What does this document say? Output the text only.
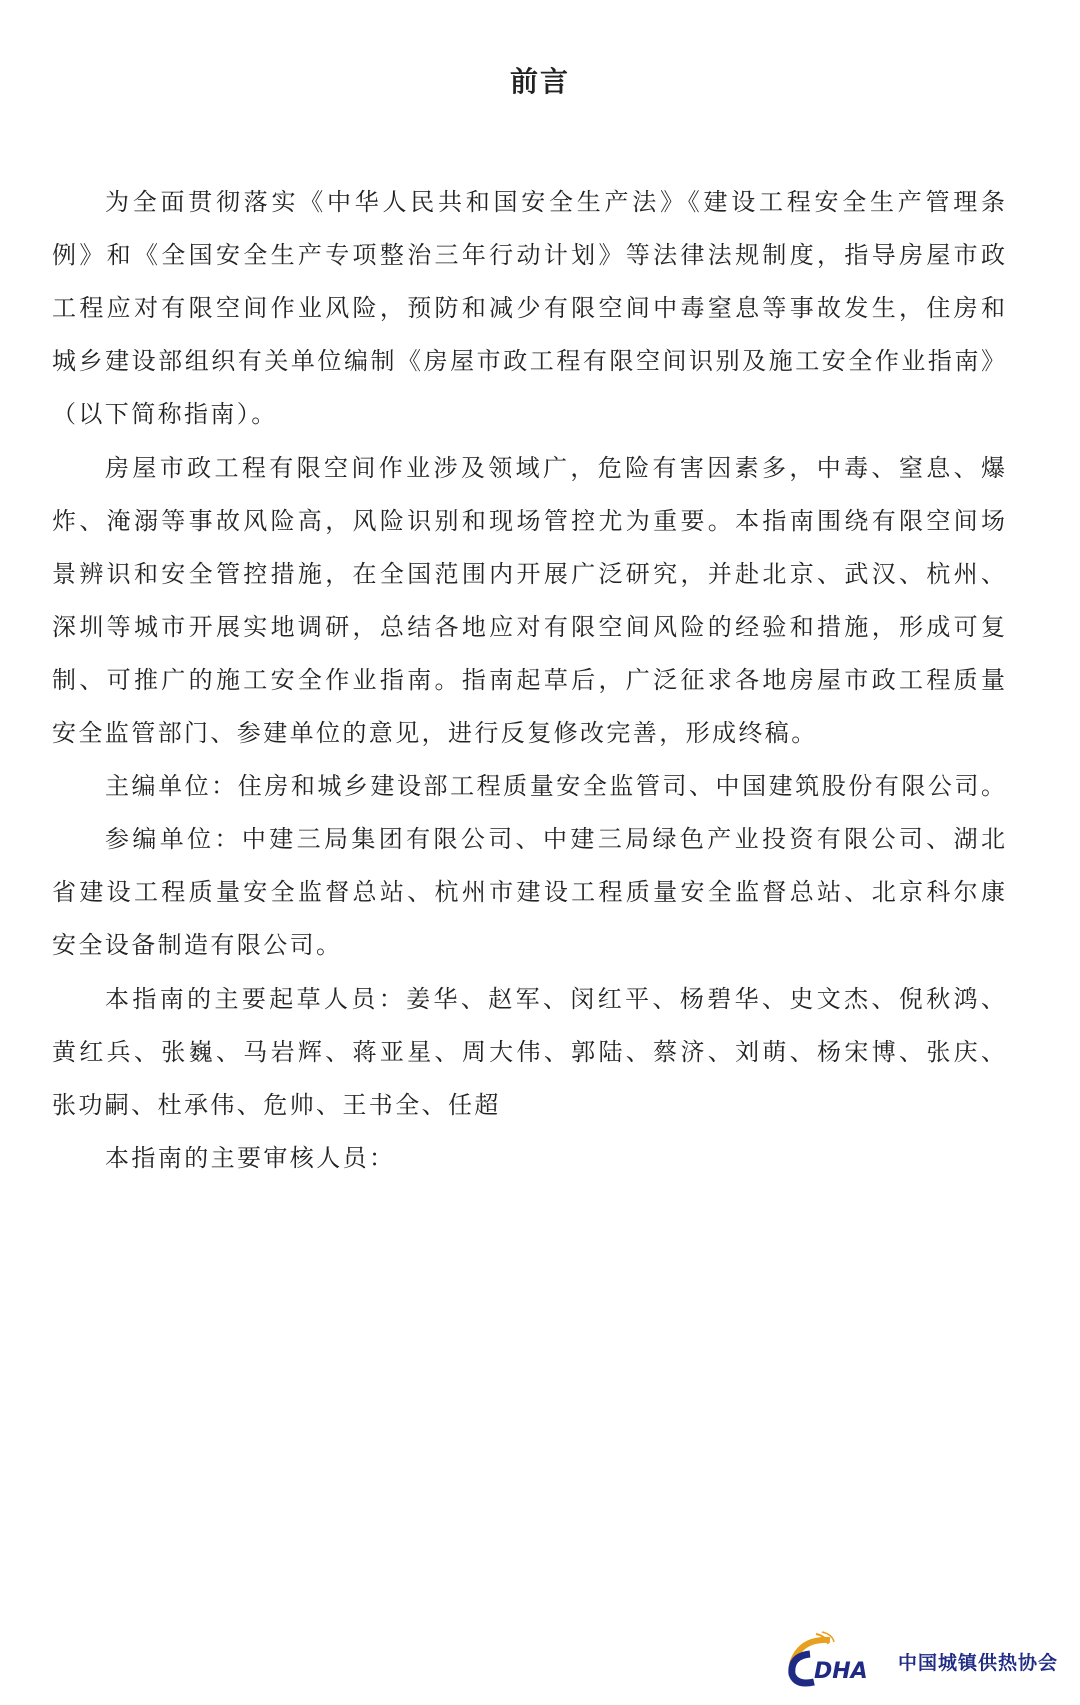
前言
为全面贯彻落实《中华人民共和国安全生产法》《建设工程安全生产管理条
例》和《全国安全生产专项整治三年行动计划》等法律法规制度，指导房屋市政
工程应对有限空间作业风险，预防和减少有限空间中毒窒息等事故发生，住房和
城乡建设部组织有关单位编制《房屋市政工程有限空间识别及施工安全作业指南》
（以下简称指南）。
房屋市政工程有限空间作业涉及领域广，危险有害因素多，中毒、窒息、爆
炸、淹溺等事故风险高，风险识别和现场管控尤为重要。本指南围绕有限空间场
景辨识和安全管控措施，在全国范围内开展广泛研究，并赴北京、武汉、杭州、
深圳等城市开展实地调研，总结各地应对有限空间风险的经验和措施，形成可复
制、可推广的施工安全作业指南。指南起草后，广泛征求各地房屋市政工程质量
安全监管部门、参建单位的意见，进行反复修改完善，形成终稿。
主编单位：住房和城乡建设部工程质量安全监管司、中国建筑股份有限公司。
参编单位：中建三局集团有限公司、中建三局绿色产业投资有限公司、湖北
省建设工程质量安全监督总站、杭州市建设工程质量安全监督总站、北京科尔康
安全设备制造有限公司。
本指南的主要起草人员：姜华、赵军、闵红平、杨碧华、史文杰、倪秋鸿、
黄红兵、张巍、马岩辉、蒋亚星、周大伟、郭陆、蔡济、刘萌、杨宋博、张庆、
张功嗣、杜承伟、危帅、王书全、任超
本指南的主要审核人员：
DHA 中国城镇供热协会
